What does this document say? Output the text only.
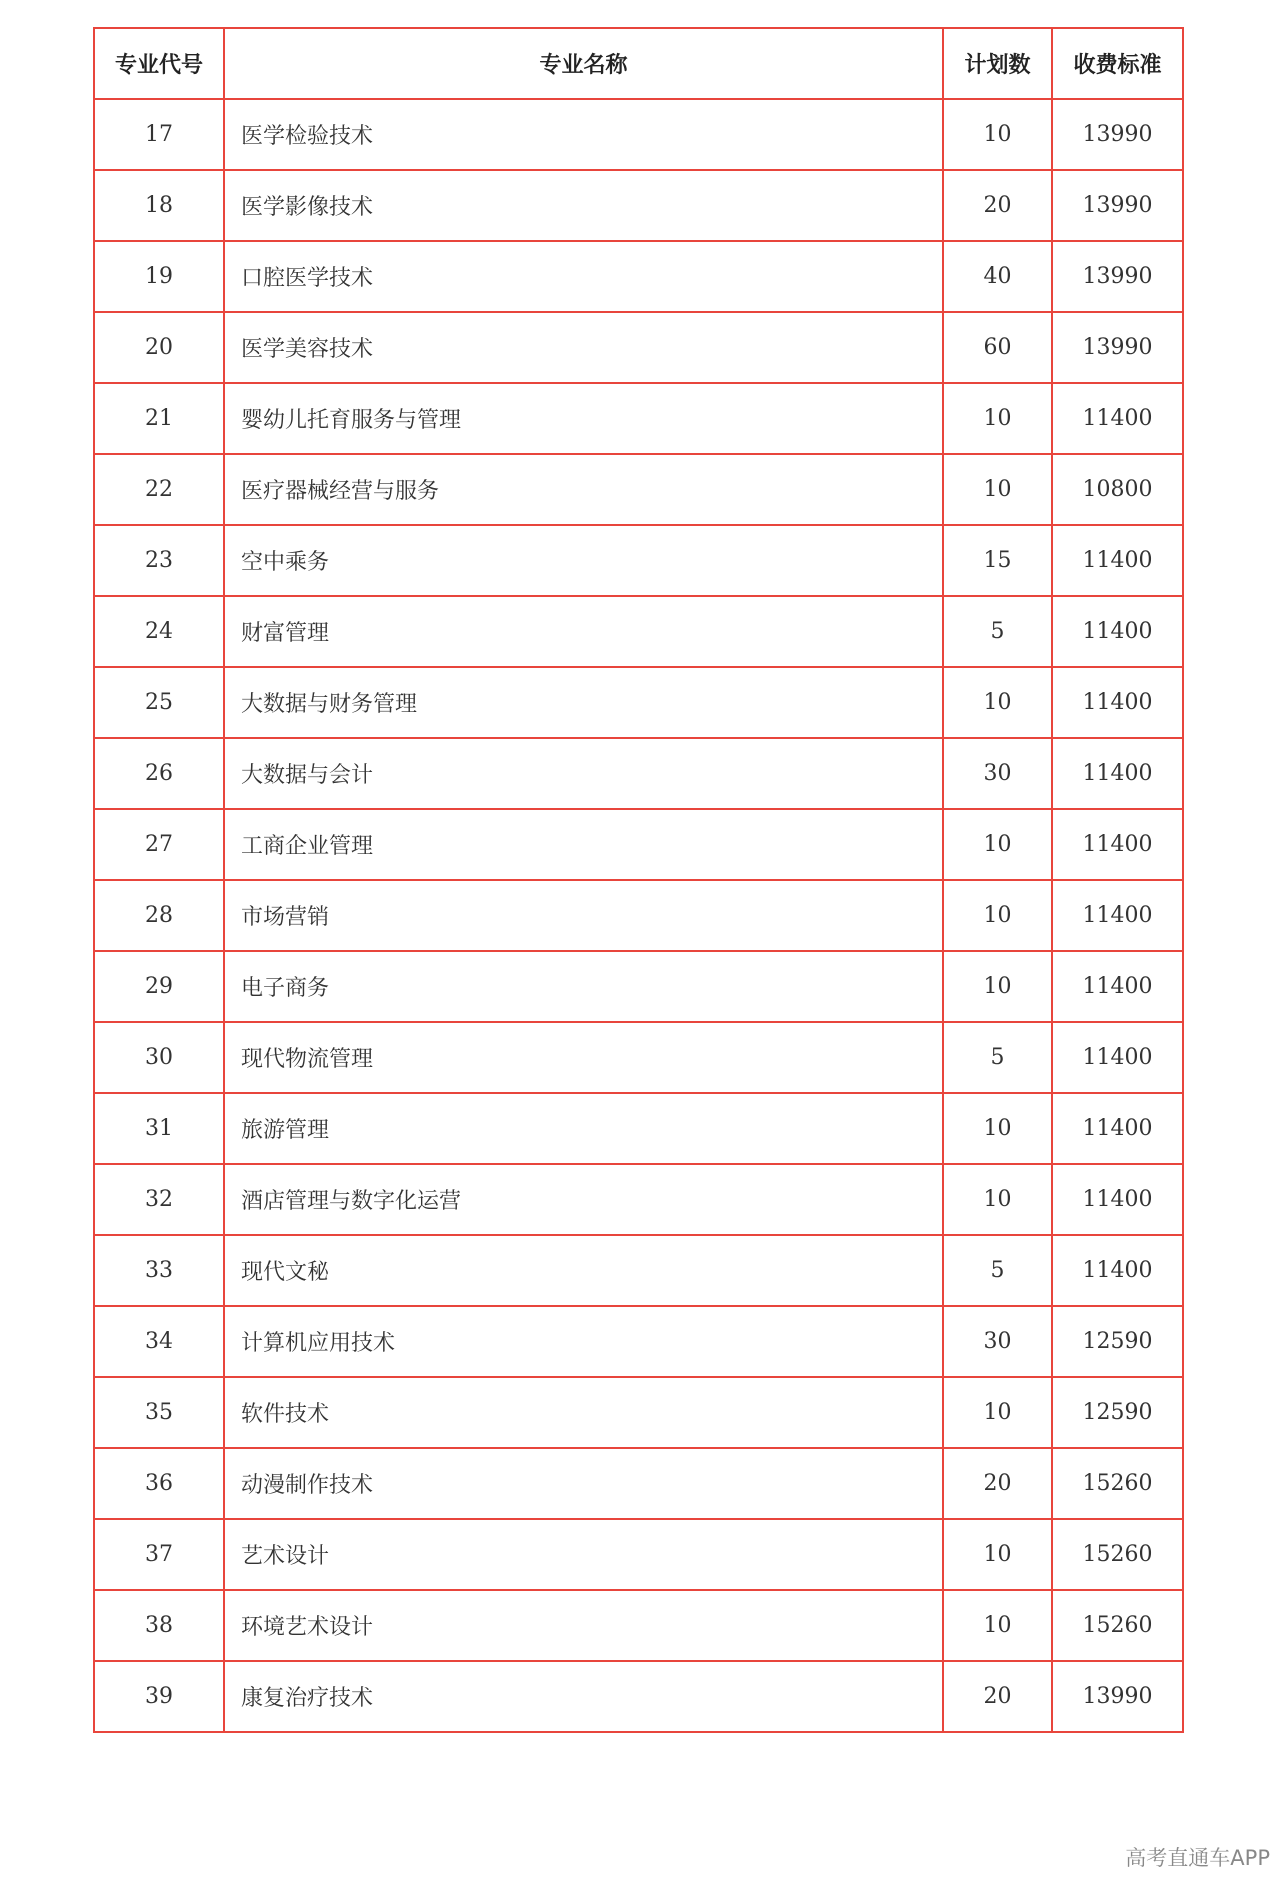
专业代号	专业名称	计划数	收费标准
17	医学检验技术	10	13990
18	医学影像技术	20	13990
19	口腔医学技术	40	13990
20	医学美容技术	60	13990
21	婴幼儿托育服务与管理	10	11400
22	医疗器械经营与服务	10	10800
23	空中乘务	15	11400
24	财富管理	5	11400
25	大数据与财务管理	10	11400
26	大数据与会计	30	11400
27	工商企业管理	10	11400
28	市场营销	10	11400
29	电子商务	10	11400
30	现代物流管理	5	11400
31	旅游管理	10	11400
32	酒店管理与数字化运营	10	11400
33	现代文秘	5	11400
34	计算机应用技术	30	12590
35	软件技术	10	12590
36	动漫制作技术	20	15260
37	艺术设计	10	15260
38	环境艺术设计	10	15260
39	康复治疗技术	20	13990
高考直通车APP
